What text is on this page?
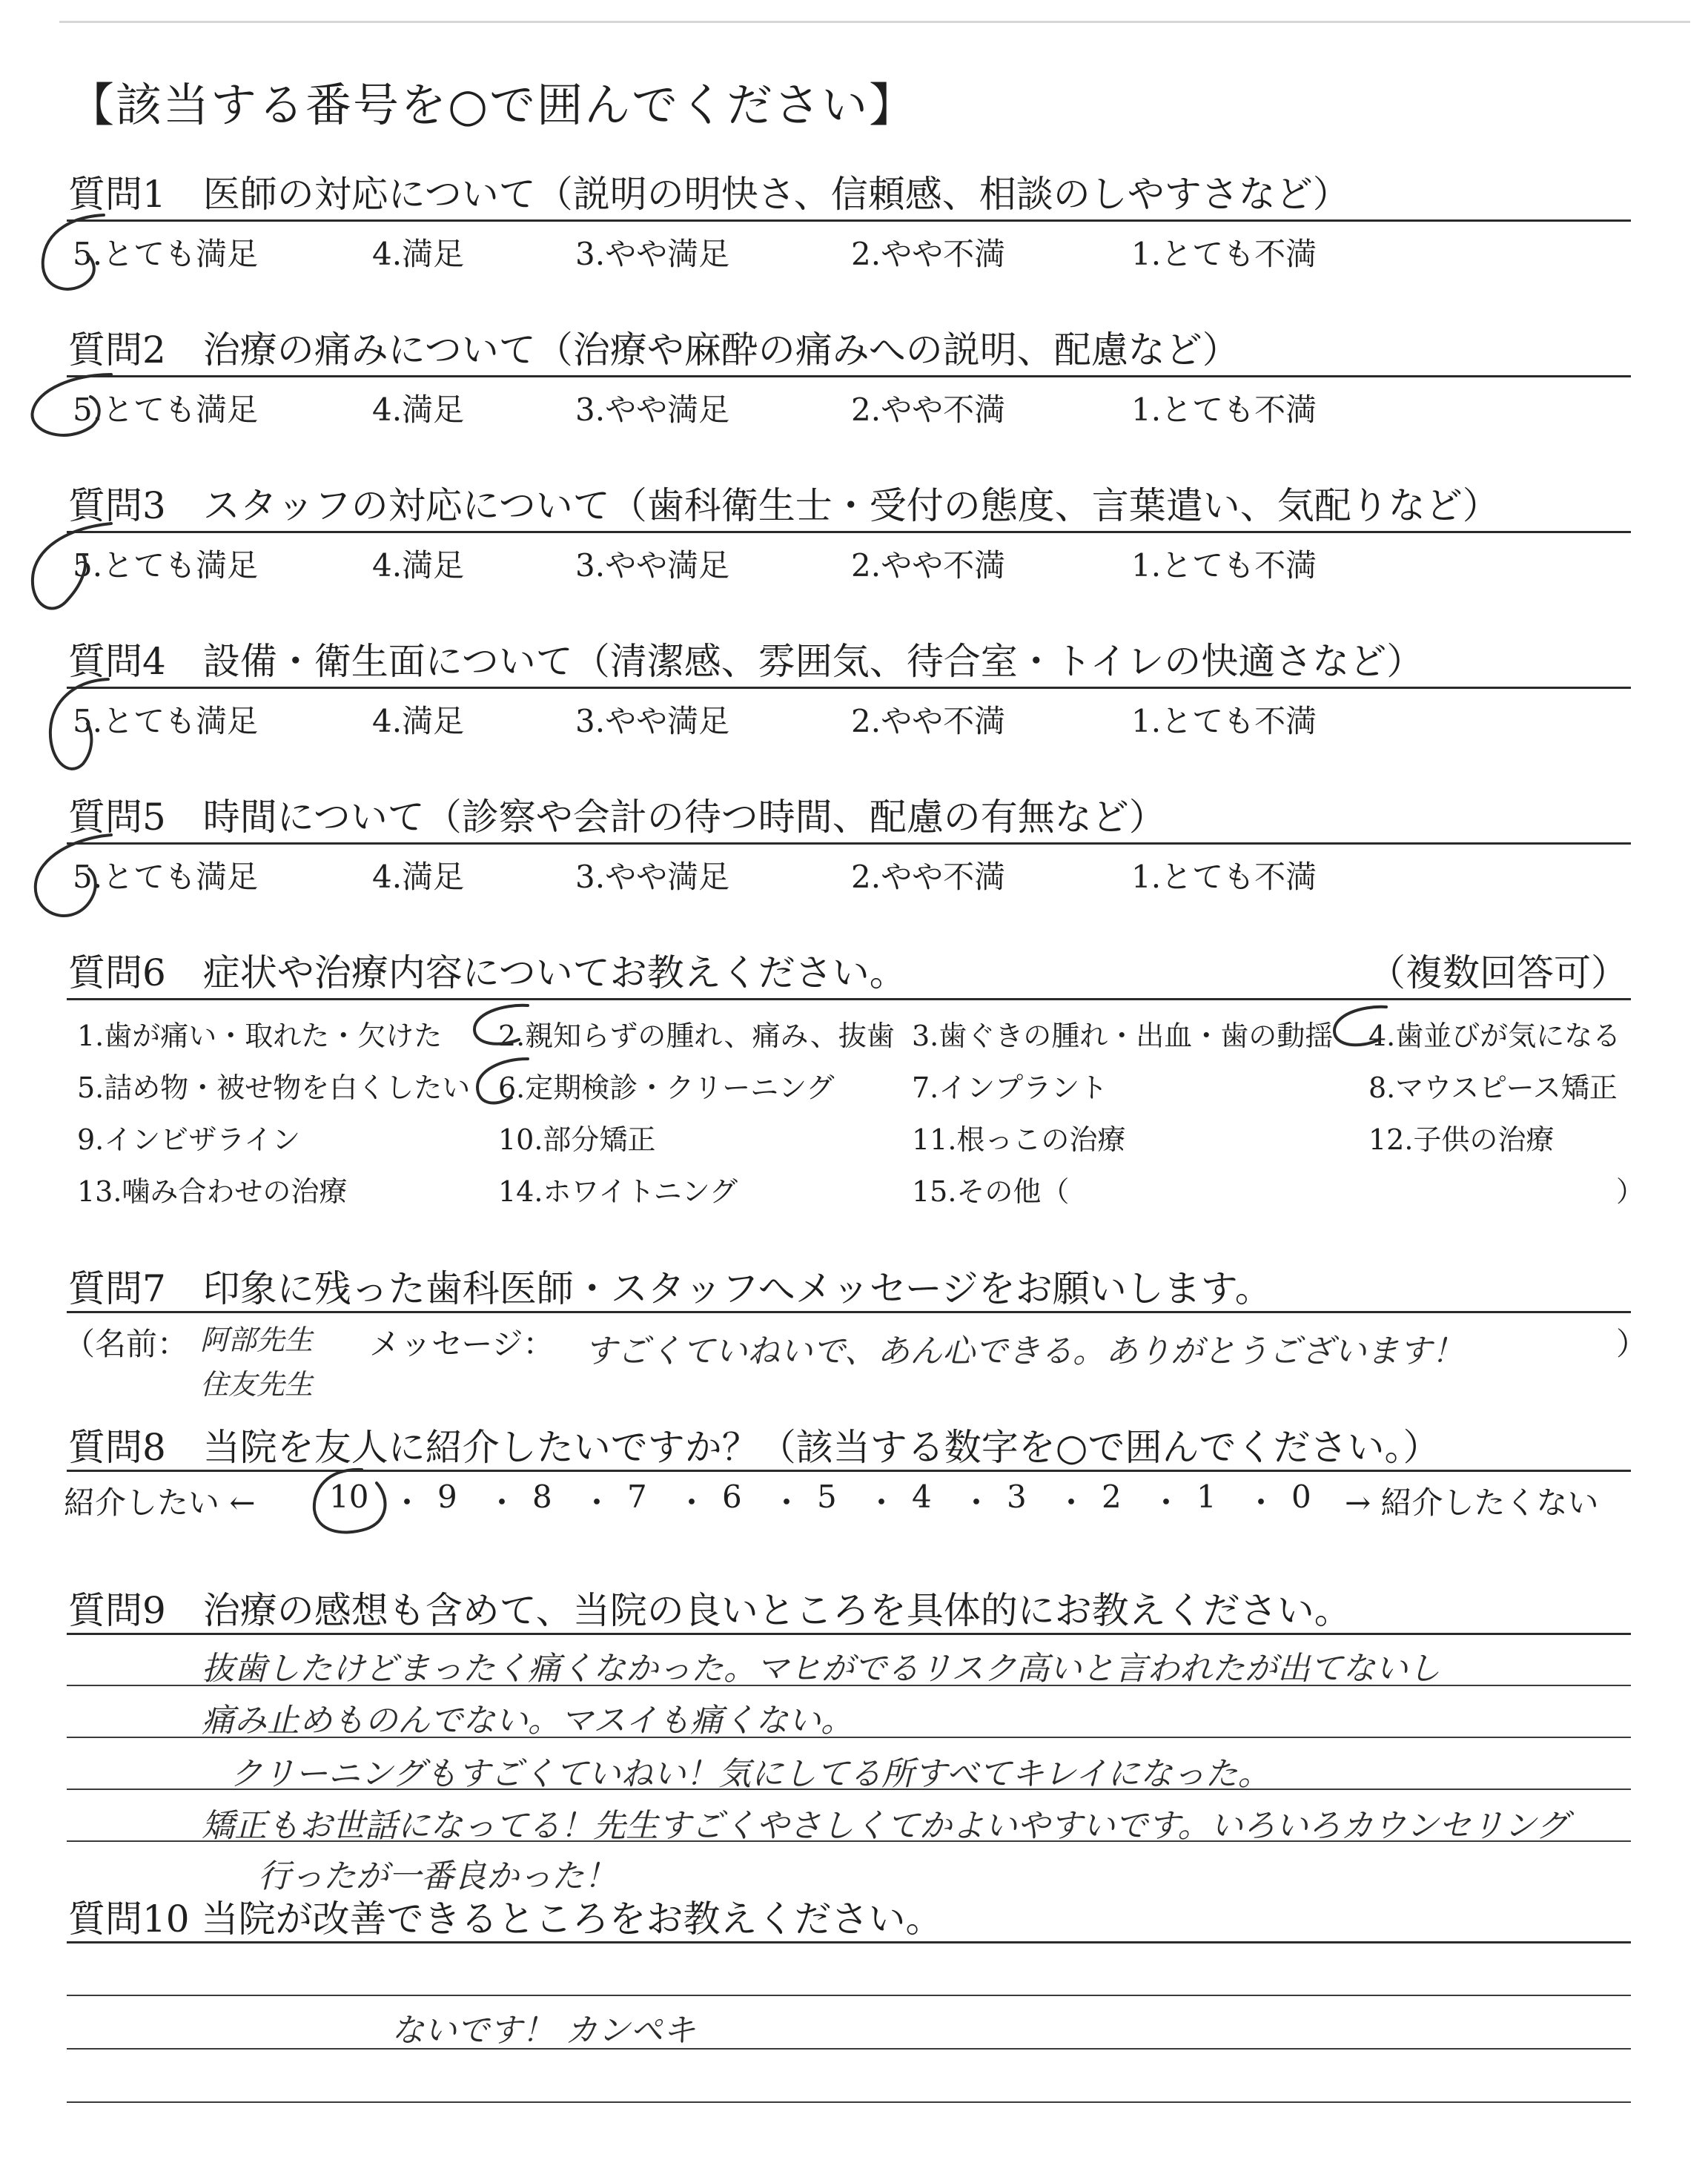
【該当する番号を○で囲んでください】
質問1　医師の対応について（説明の明快さ、信頼感、相談のしやすさなど）
5.とても満足	4.満足	3.やや満足	2.やや不満	1.とても不満
質問2　治療の痛みについて（治療や麻酔の痛みへの説明、配慮など）
5.とても満足	4.満足	3.やや満足	2.やや不満	1.とても不満
質問3　スタッフの対応について（歯科衛生士・受付の態度、言葉遣い、気配りなど）
5.とても満足	4.満足	3.やや満足	2.やや不満	1.とても不満
質問4　設備・衛生面について（清潔感、雰囲気、待合室・トイレの快適さなど）
5.とても満足	4.満足	3.やや満足	2.やや不満	1.とても不満
質問5　時間について（診察や会計の待つ時間、配慮の有無など）
5.とても満足	4.満足	3.やや満足	2.やや不満	1.とても不満
質問6　症状や治療内容についてお教えください。	（複数回答可）
1.歯が痛い・取れた・欠けた 2.親知らずの腫れ、痛み、抜歯 3.歯ぐきの腫れ・出血・歯の動揺 4.歯並びが気になる
5.詰め物・被せ物を白くしたい 6.定期検診・クリーニング	7.インプラント	8.マウスピース矯正
9.インビザライン	10.部分矯正	11.根っこの治療	12.子供の治療
13.噛み合わせの治療	14.ホワイトニング	15.その他（	）
質問7　印象に残った歯科医師・スタッフへメッセージをお願いします。
（名前： 阿部先生
住友先生
メッセージ： すごくていねいで、あん心できる。ありがとうございます！	）
質問8　当院を友人に紹介したいですか？（該当する数字を○で囲んでください。）
紹介したい ← 10 ・ 9 ・ 8 ・ 7 ・ 6 ・ 5 ・ 4 ・ 3 ・ 2 ・ 1 ・ 0 → 紹介したくない
質問9　治療の感想も含めて、当院の良いところを具体的にお教えください。
抜歯したけどまったく痛くなかった。マヒがでるリスク高いと言われたが出てないし
痛み止めものんでない。マスイも痛くない。
クリーニングもすごくていねい！気にしてる所すべてキレイになった。
矯正もお世話になってる！先生すごくやさしくてかよいやすいです。いろいろカウンセリング
行ったが一番良かった！
質問10 当院が改善できるところをお教えください。
ないです！ カンペキ
